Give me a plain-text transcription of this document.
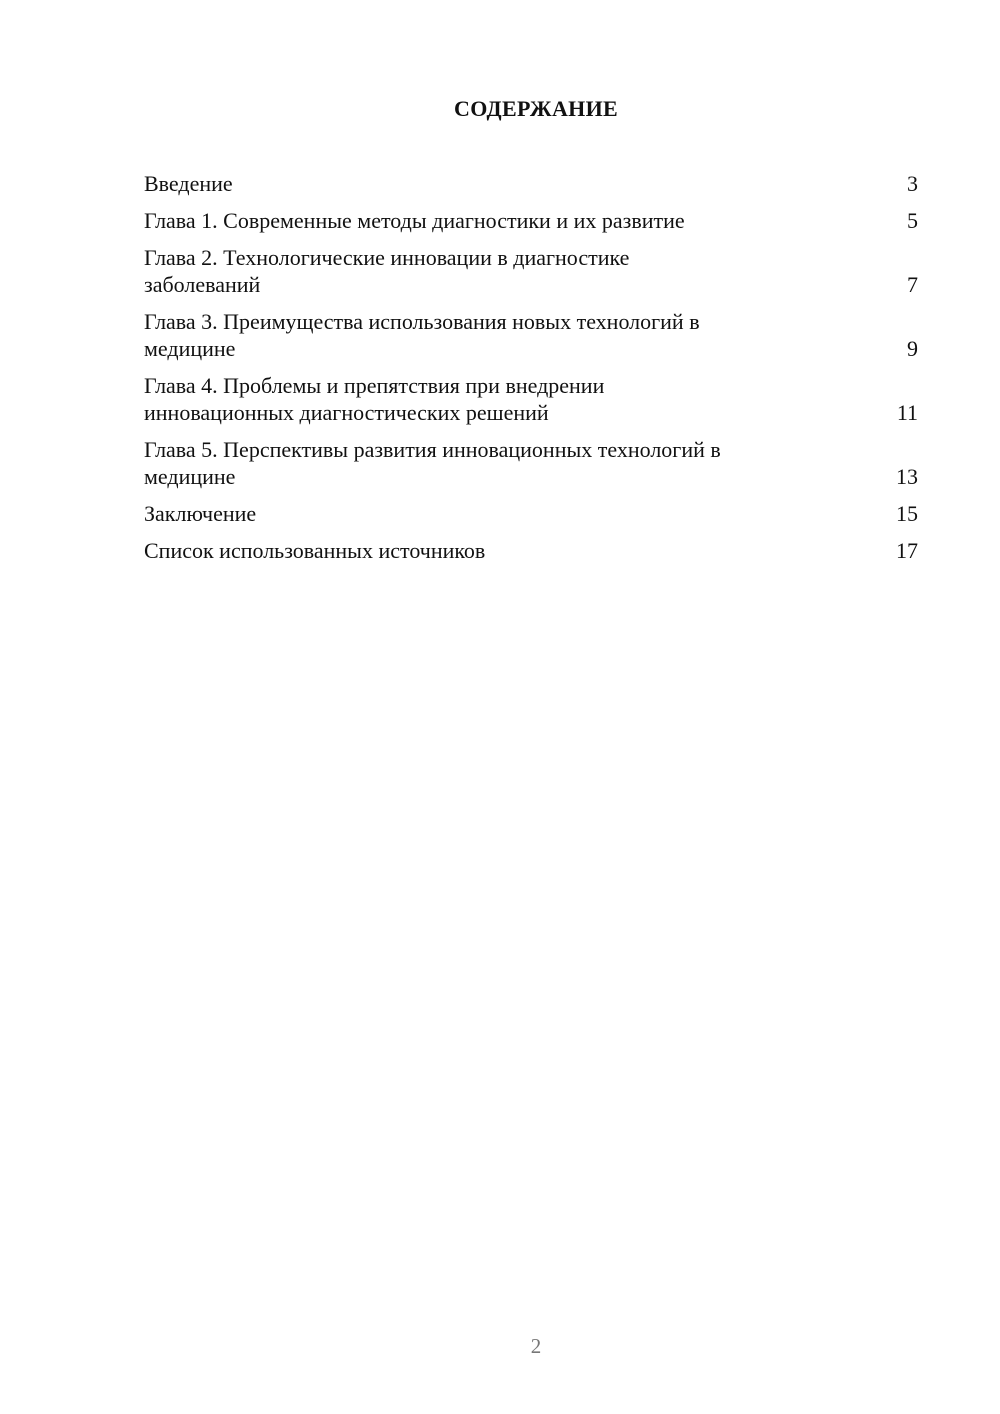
СОДЕРЖАНИЕ
Введение	3
Глава 1. Современные методы диагностики и их развитие	5
Глава 2. Технологические инновации в диагностике
заболеваний	7
Глава 3. Преимущества использования новых технологий в
медицине	9
Глава 4. Проблемы и препятствия при внедрении
инновационных диагностических решений	11
Глава 5. Перспективы развития инновационных технологий в
медицине	13
Заключение	15
Список использованных источников	17
2
